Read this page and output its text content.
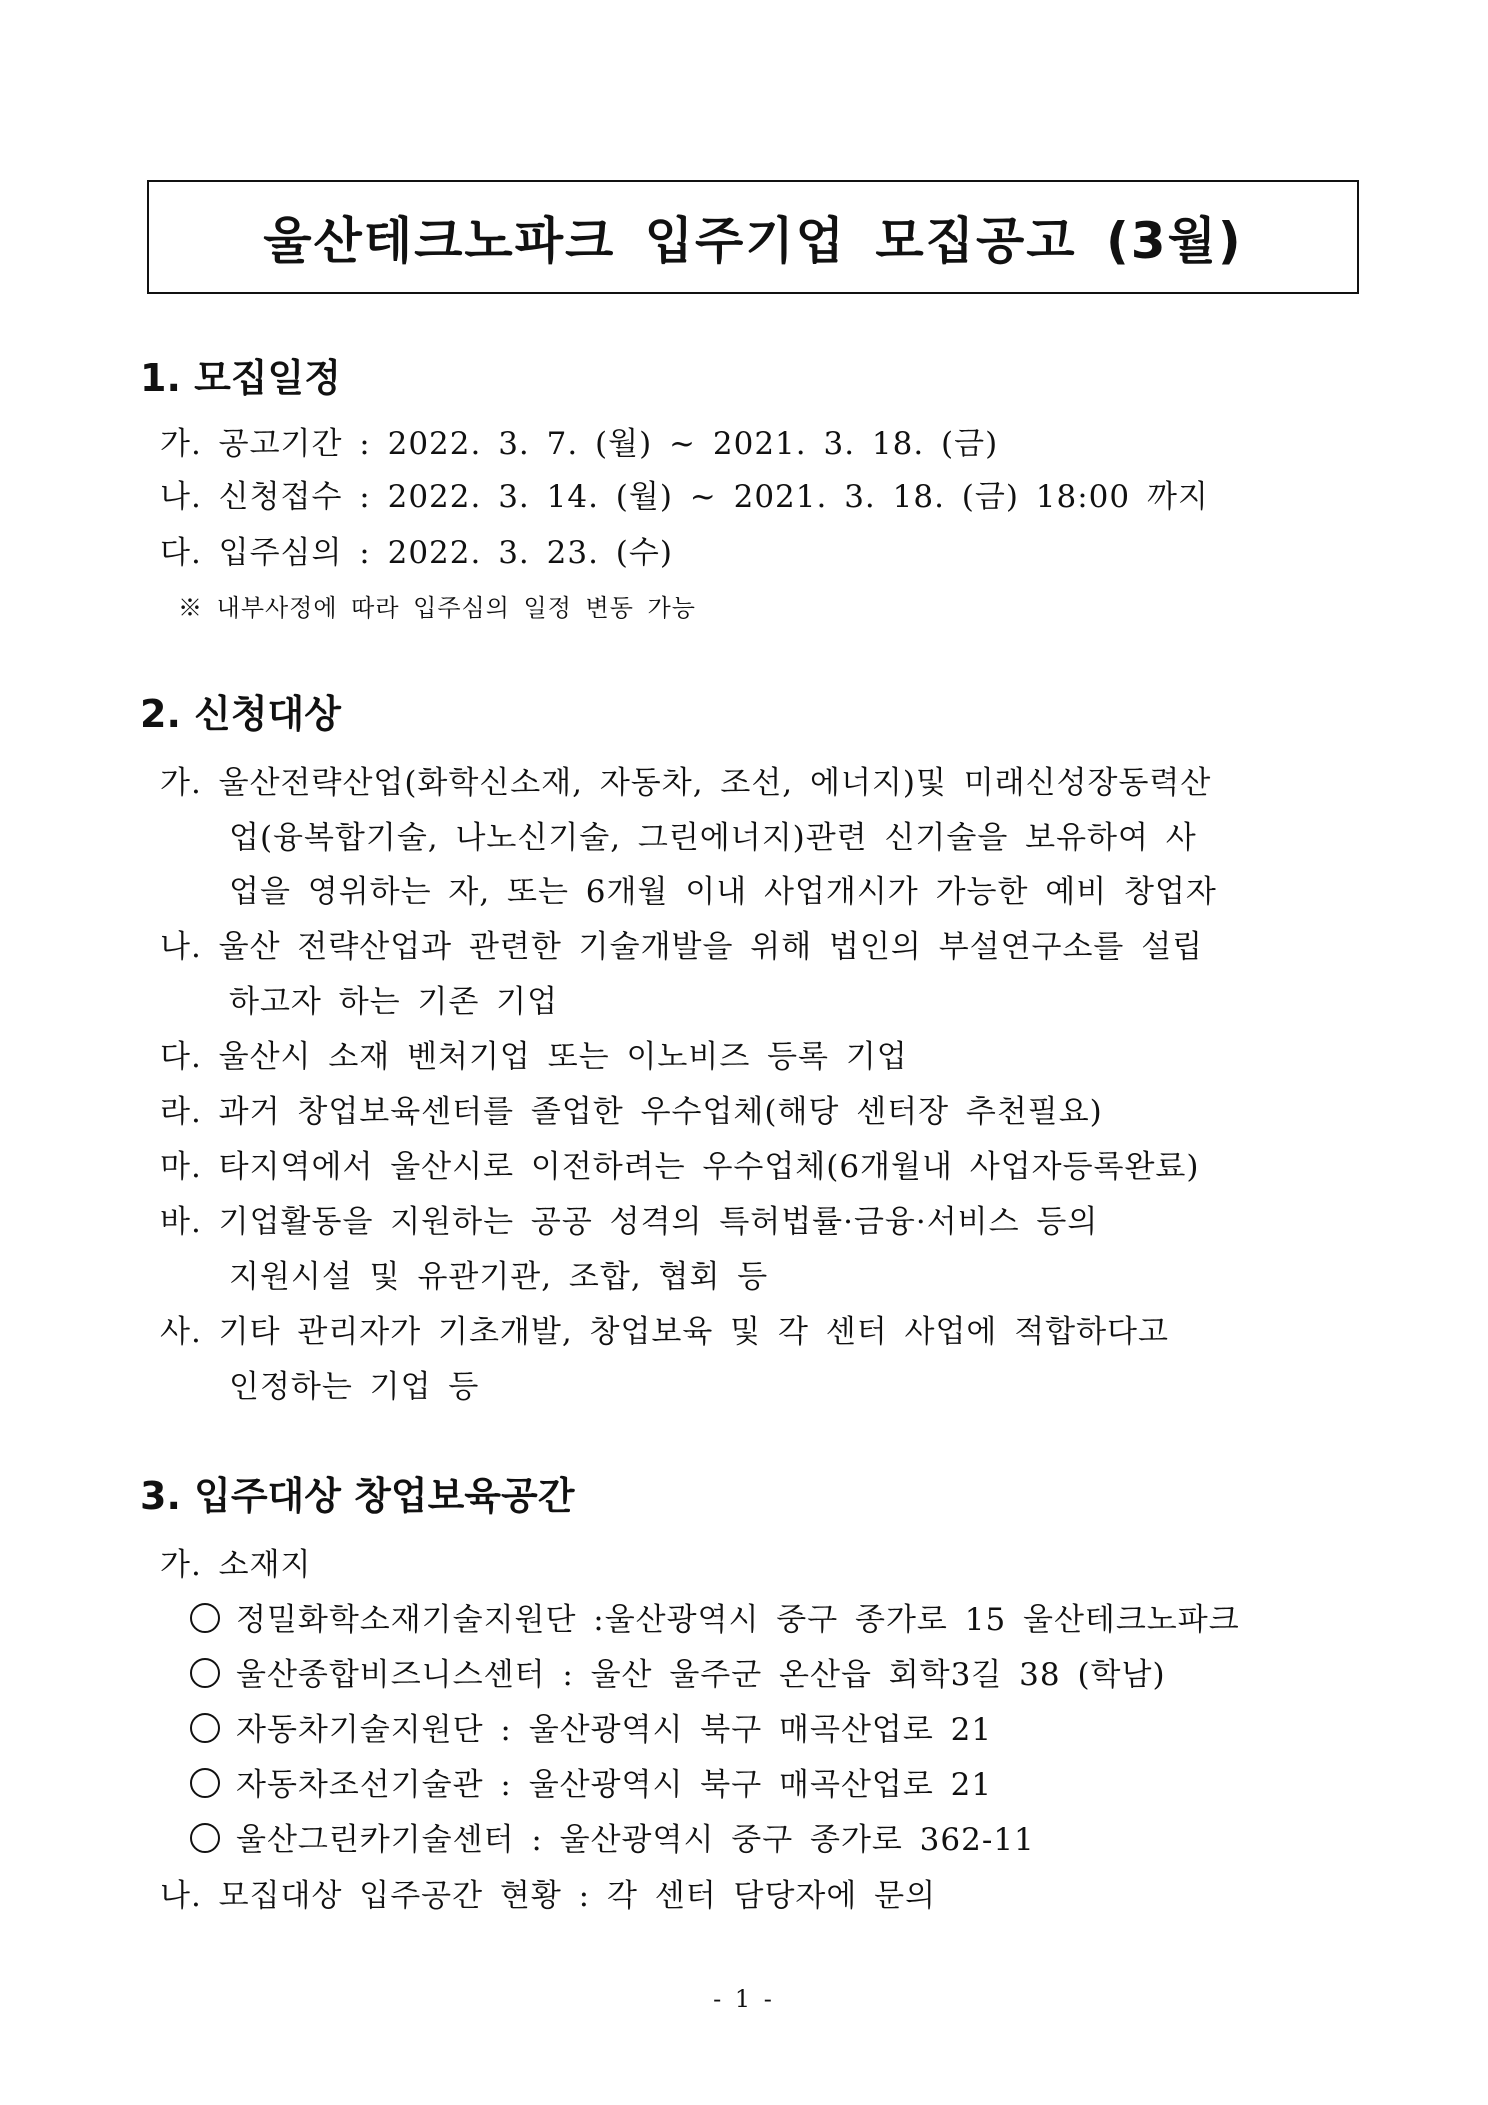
울산테크노파크 입주기업 모집공고 (3월)
1. 모집일정
가. 공고기간 : 2022. 3. 7. (월) ~ 2021. 3. 18. (금)
나. 신청접수 : 2022. 3. 14. (월) ~ 2021. 3. 18. (금) 18:00 까지
다. 입주심의 : 2022. 3. 23. (수)
※ 내부사정에 따라 입주심의 일정 변동 가능
2. 신청대상
가. 울산전략산업(화학신소재, 자동차, 조선, 에너지)및 미래신성장동력산
업(융복합기술, 나노신기술, 그린에너지)관련 신기술을 보유하여 사
업을 영위하는 자, 또는 6개월 이내 사업개시가 가능한 예비 창업자
나. 울산 전략산업과 관련한 기술개발을 위해 법인의 부설연구소를 설립
하고자 하는 기존 기업
다. 울산시 소재 벤처기업 또는 이노비즈 등록 기업
라. 과거 창업보육센터를 졸업한 우수업체(해당 센터장 추천필요)
마. 타지역에서 울산시로 이전하려는 우수업체(6개월내 사업자등록완료)
바. 기업활동을 지원하는 공공 성격의 특허법률·금융·서비스 등의
지원시설 및 유관기관, 조합, 협회 등
사. 기타 관리자가 기초개발, 창업보육 및 각 센터 사업에 적합하다고
인정하는 기업 등
3. 입주대상 창업보육공간
가. 소재지
정밀화학소재기술지원단 :울산광역시 중구 종가로 15 울산테크노파크
울산종합비즈니스센터 : 울산 울주군 온산읍 회학3길 38 (학남)
자동차기술지원단 : 울산광역시 북구 매곡산업로 21
자동차조선기술관 : 울산광역시 북구 매곡산업로 21
울산그린카기술센터 : 울산광역시 중구 종가로 362-11
나. 모집대상 입주공간 현황 : 각 센터 담당자에 문의
- 1 -
